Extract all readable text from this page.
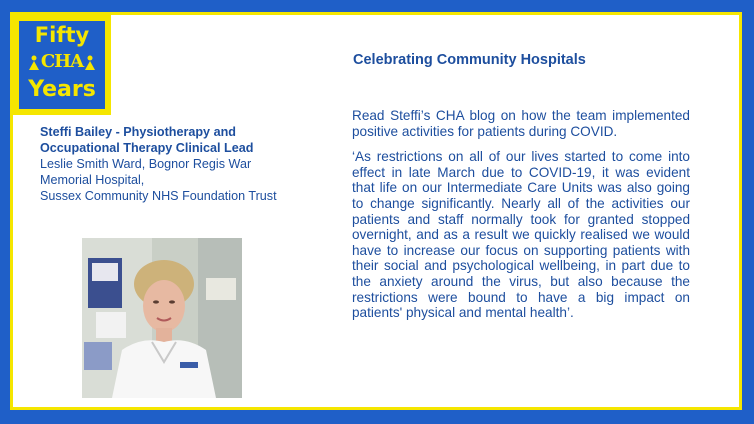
Fifty
CHA
Years
Celebrating Community Hospitals
Steffi Bailey - Physiotherapy and Occupational Therapy Clinical Lead
Leslie Smith Ward, Bognor Regis War Memorial Hospital,
Sussex Community NHS Foundation Trust

Read Steffi’s CHA blog on how the team implemented positive activities for patients during COVID.

‘As restrictions on all of our lives started to come into effect in late March due to COVID-19, it was evident that life on our Intermediate Care Units was also going to change significantly. Nearly all of the activities our patients and staff normally took for granted stopped overnight, and as a result we quickly realised we would have to increase our focus on supporting patients with their social and psychological wellbeing, in part due to the anxiety around the virus, but also because the restrictions were bound to have a big impact on patients' physical and mental health’.
